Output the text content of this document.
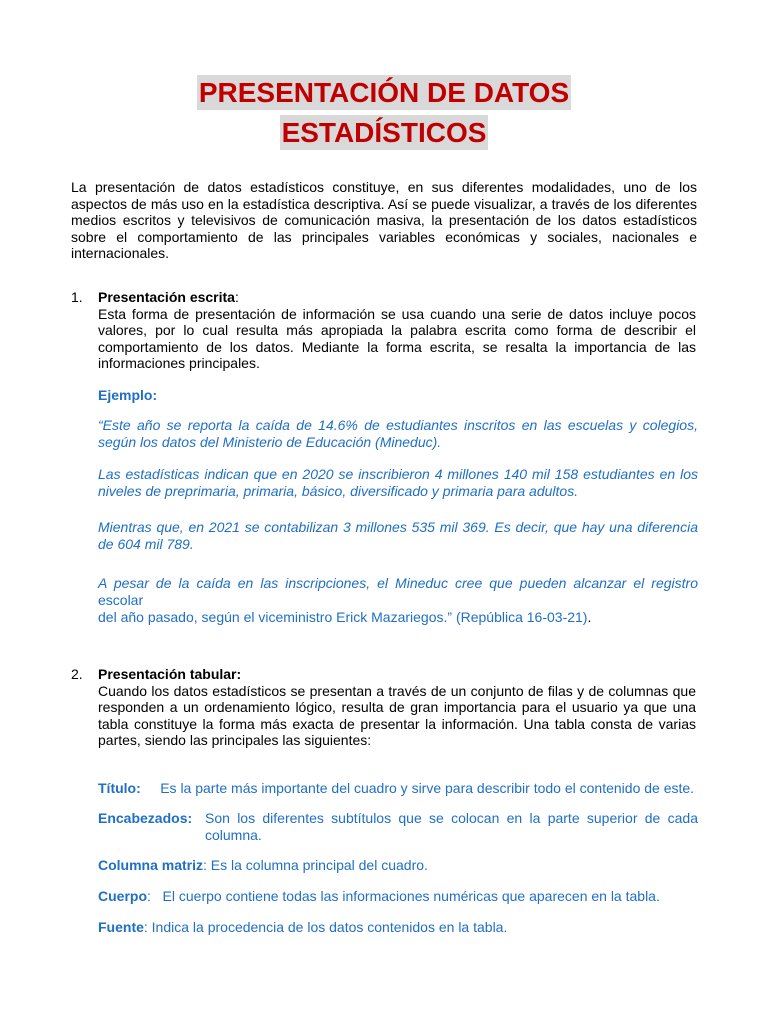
PRESENTACIÓN DE DATOS
ESTADÍSTICOS
La presentación de datos estadísticos constituye, en sus diferentes modalidades, uno de los aspectos de más uso en la estadística descriptiva. Así se puede visualizar, a través de los diferentes medios escritos y televisivos de comunicación masiva, la presentación de los datos estadísticos sobre el comportamiento de las principales variables económicas y sociales, nacionales e internacionales.
1. Presentación escrita:
Esta forma de presentación de información se usa cuando una serie de datos incluye pocos valores, por lo cual resulta más apropiada la palabra escrita como forma de describir el comportamiento de los datos. Mediante la forma escrita, se resalta la importancia de las informaciones principales.
Ejemplo:
“Este año se reporta la caída de 14.6% de estudiantes inscritos en las escuelas y colegios, según los datos del Ministerio de Educación (Mineduc).
Las estadísticas indican que en 2020 se inscribieron 4 millones 140 mil 158 estudiantes en los niveles de preprimaria, primaria, básico, diversificado y primaria para adultos.
Mientras que, en 2021 se contabilizan 3 millones 535 mil 369. Es decir, que hay una diferencia de 604 mil 789.
A pesar de la caída en las inscripciones, el Mineduc cree que pueden alcanzar el registro escolar
del año pasado, según el viceministro Erick Mazariegos.” (República 16-03-21).
2. Presentación tabular:
Cuando los datos estadísticos se presentan a través de un conjunto de filas y de columnas que responden a un ordenamiento lógico, resulta de gran importancia para el usuario ya que una tabla constituye la forma más exacta de presentar la información. Una tabla consta de varias partes, siendo las principales las siguientes:
Título: Es la parte más importante del cuadro y sirve para describir todo el contenido de este.
Encabezados: Son los diferentes subtítulos que se colocan en la parte superior de cada columna.
Columna matriz: Es la columna principal del cuadro.
Cuerpo:   El cuerpo contiene todas las informaciones numéricas que aparecen en la tabla.
Fuente: Indica la procedencia de los datos contenidos en la tabla.
